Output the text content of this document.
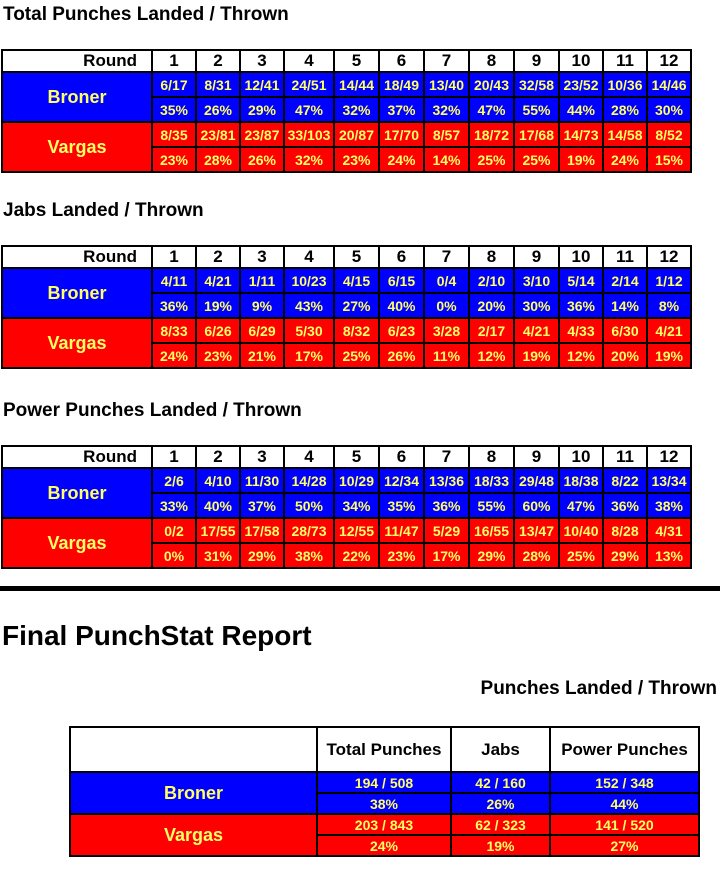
Total Punches Landed / Thrown
Round	1	2	3	4	5	6	7	8	9	10	11	12
Broner	6/17	8/31	12/41	24/51	14/44	18/49	13/40	20/43	32/58	23/52	10/36	14/46
	35%	26%	29%	47%	32%	37%	32%	47%	55%	44%	28%	30%
Vargas	8/35	23/81	23/87	33/103	20/87	17/70	8/57	18/72	17/68	14/73	14/58	8/52
	23%	28%	26%	32%	23%	24%	14%	25%	25%	19%	24%	15%
Jabs Landed / Thrown
Round	1	2	3	4	5	6	7	8	9	10	11	12
Broner	4/11	4/21	1/11	10/23	4/15	6/15	0/4	2/10	3/10	5/14	2/14	1/12
	36%	19%	9%	43%	27%	40%	0%	20%	30%	36%	14%	8%
Vargas	8/33	6/26	6/29	5/30	8/32	6/23	3/28	2/17	4/21	4/33	6/30	4/21
	24%	23%	21%	17%	25%	26%	11%	12%	19%	12%	20%	19%
Power Punches Landed / Thrown
Round	1	2	3	4	5	6	7	8	9	10	11	12
Broner	2/6	4/10	11/30	14/28	10/29	12/34	13/36	18/33	29/48	18/38	8/22	13/34
	33%	40%	37%	50%	34%	35%	36%	55%	60%	47%	36%	38%
Vargas	0/2	17/55	17/58	28/73	12/55	11/47	5/29	16/55	13/47	10/40	8/28	4/31
	0%	31%	29%	38%	22%	23%	17%	29%	28%	25%	29%	13%
Final PunchStat Report
Punches Landed / Thrown
	Total Punches	Jabs	Power Punches
Broner	194 / 508	42 / 160	152 / 348
	38%	26%	44%
Vargas	203 / 843	62 / 323	141 / 520
	24%	19%	27%
